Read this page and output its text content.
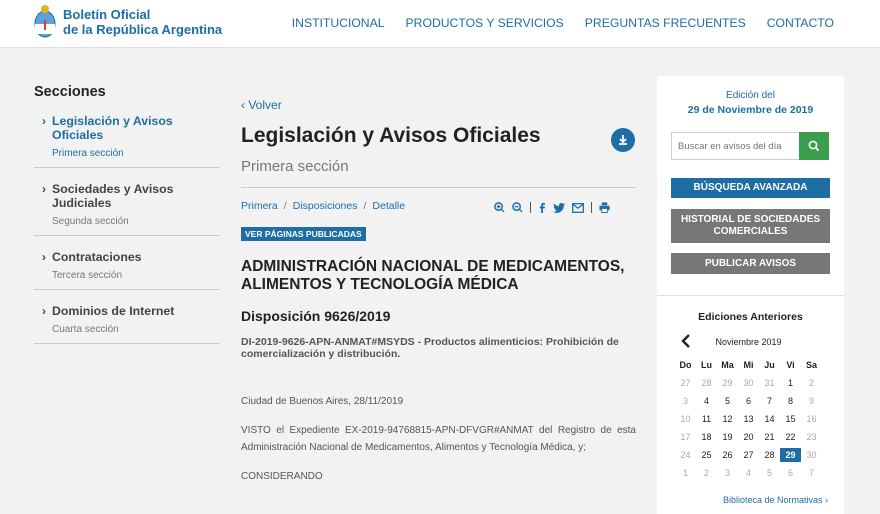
Boletín Oficial
de la República Argentina	INSTITUCIONAL PRODUCTOS Y SERVICIOS PREGUNTAS FRECUENTES CONTACTO
Secciones
› Legislación y Avisos Oficiales
Primera sección
› Sociedades y Avisos Judiciales
Segunda sección
› Contrataciones
Tercera sección
› Dominios de Internet
Cuarta sección
‹ Volver
Legislación y Avisos Oficiales
Primera sección
Primera / Disposiciones / Detalle
VER PÁGINAS PUBLICADAS
ADMINISTRACIÓN NACIONAL DE MEDICAMENTOS, ALIMENTOS Y TECNOLOGÍA MÉDICA
Disposición 9626/2019
DI-2019-9626-APN-ANMAT#MSYDS - Productos alimenticios: Prohibición de comercialización y distribución.
Ciudad de Buenos Aires, 28/11/2019
VISTO el Expediente EX-2019-94768815-APN-DFVGR#ANMAT del Registro de esta Administración Nacional de Medicamentos, Alimentos y Tecnología Médica, y;
CONSIDERANDO
Edición del
29 de Noviembre de 2019
Buscar en avisos del día
BÚSQUEDA AVANZADA
HISTORIAL DE SOCIEDADES COMERCIALES
PUBLICAR AVISOS
Ediciones Anteriores
Noviembre 2019
Do	Lu	Ma	Mi	Ju	Vi	Sa
27	28	29	30	31	1	2
3	4	5	6	7	8	9
10	11	12	13	14	15	16
17	18	19	20	21	22	23
24	25	26	27	28	29	30
1	2	3	4	5	6	7
Biblioteca de Normativas ›
